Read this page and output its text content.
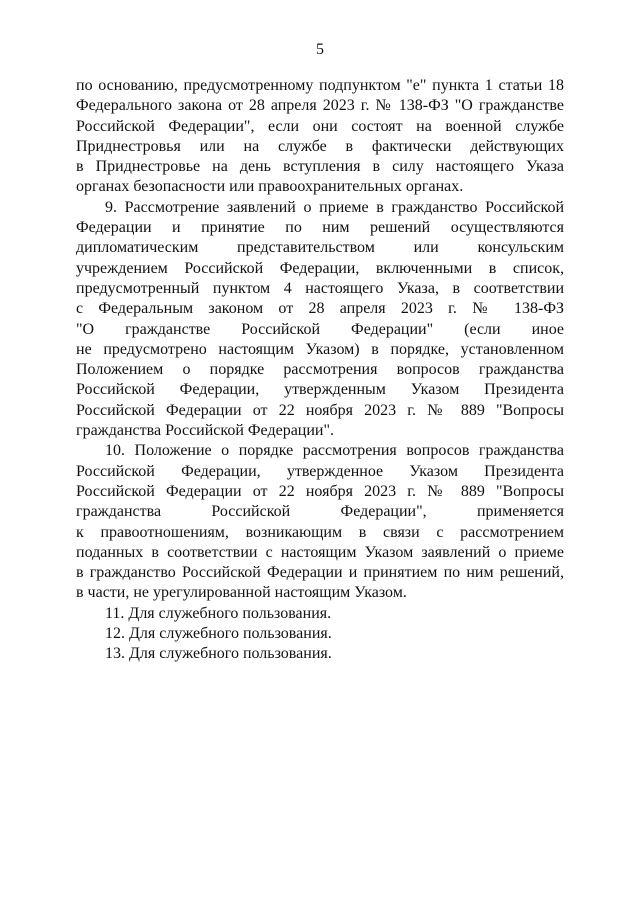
5
по основанию, предусмотренному подпунктом "е" пункта 1 статьи 18
Федерального закона от 28 апреля 2023 г. № 138-ФЗ "О гражданстве
Российской Федерации", если они состоят на военной службе
Приднестровья или на службе в фактически действующих
в Приднестровье на день вступления в силу настоящего Указа
органах безопасности или правоохранительных органах.
9. Рассмотрение заявлений о приеме в гражданство Российской
Федерации и принятие по ним решений осуществляются
дипломатическим представительством или консульским
учреждением Российской Федерации, включенными в список,
предусмотренный пунктом 4 настоящего Указа, в соответствии
с Федеральным законом от 28 апреля 2023 г. № 138-ФЗ
"О гражданстве Российской Федерации" (если иное
не предусмотрено настоящим Указом) в порядке, установленном
Положением о порядке рассмотрения вопросов гражданства
Российской Федерации, утвержденным Указом Президента
Российской Федерации от 22 ноября 2023 г. № 889 "Вопросы
гражданства Российской Федерации".
10. Положение о порядке рассмотрения вопросов гражданства
Российской Федерации, утвержденное Указом Президента
Российской Федерации от 22 ноября 2023 г. № 889 "Вопросы
гражданства Российской Федерации", применяется
к правоотношениям, возникающим в связи с рассмотрением
поданных в соответствии с настоящим Указом заявлений о приеме
в гражданство Российской Федерации и принятием по ним решений,
в части, не урегулированной настоящим Указом.
11. Для служебного пользования.
12. Для служебного пользования.
13. Для служебного пользования.
